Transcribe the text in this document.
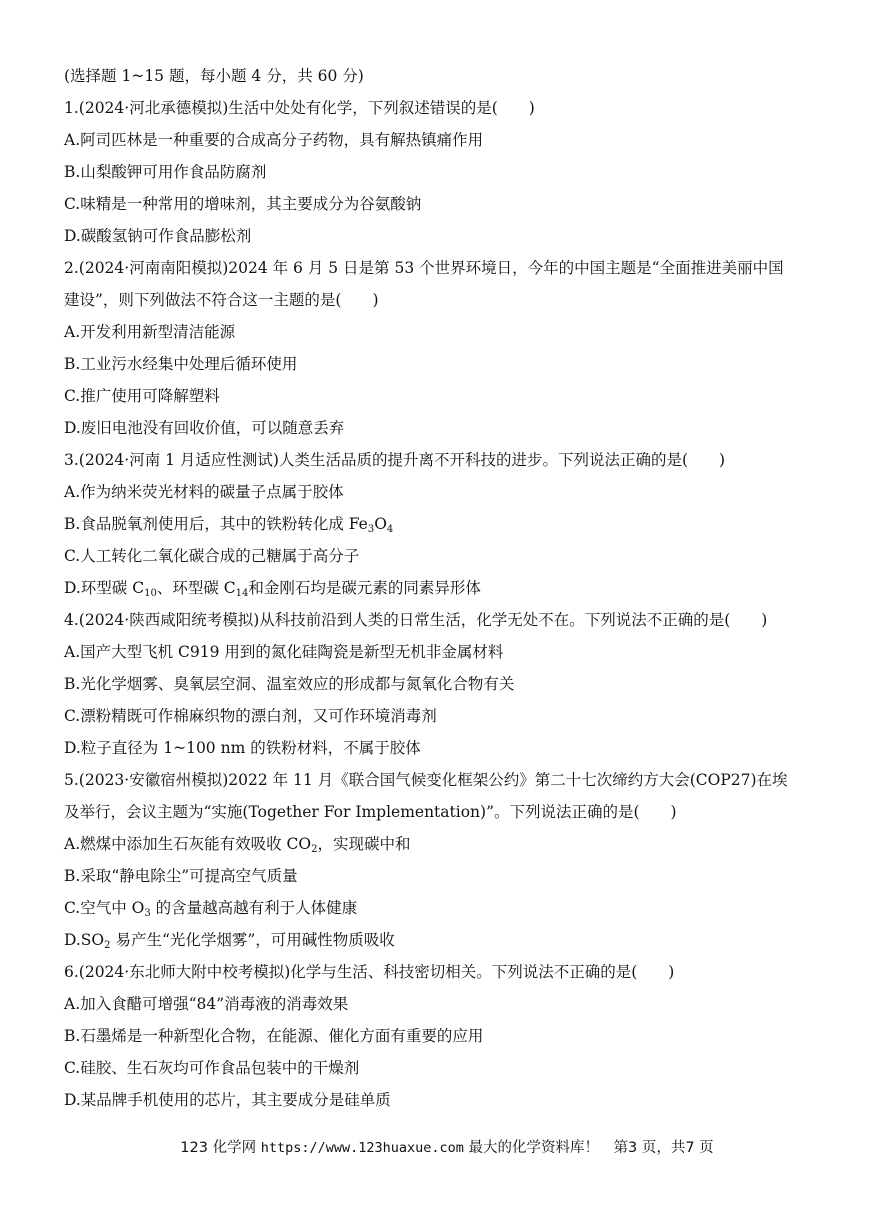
(选择题 1~15 题，每小题 4 分，共 60 分)
1.(2024·河北承德模拟)生活中处处有化学，下列叙述错误的是(　　)
A.阿司匹林是一种重要的合成高分子药物，具有解热镇痛作用
B.山梨酸钾可用作食品防腐剂
C.味精是一种常用的增味剂，其主要成分为谷氨酸钠
D.碳酸氢钠可作食品膨松剂
2.(2024·河南南阳模拟)2024 年 6 月 5 日是第 53 个世界环境日，今年的中国主题是“全面推进美丽中国
建设”，则下列做法不符合这一主题的是(　　)
A.开发利用新型清洁能源
B.工业污水经集中处理后循环使用
C.推广使用可降解塑料
D.废旧电池没有回收价值，可以随意丢弃
3.(2024·河南 1 月适应性测试)人类生活品质的提升离不开科技的进步。下列说法正确的是(　　)
A.作为纳米荧光材料的碳量子点属于胶体
B.食品脱氧剂使用后，其中的铁粉转化成 $Fe_3O_4$
C.人工转化二氧化碳合成的己糖属于高分子
D.环型碳 $C_{10}$、环型碳 $C_{14}$和金刚石均是碳元素的同素异形体
4.(2024·陕西咸阳统考模拟)从科技前沿到人类的日常生活，化学无处不在。下列说法不正确的是(　　)
A.国产大型飞机 C919 用到的氮化硅陶瓷是新型无机非金属材料
B.光化学烟雾、臭氧层空洞、温室效应的形成都与氮氧化合物有关
C.漂粉精既可作棉麻织物的漂白剂，又可作环境消毒剂
D.粒子直径为 1~100 nm 的铁粉材料，不属于胶体
5.(2023·安徽宿州模拟)2022 年 11 月《联合国气候变化框架公约》第二十七次缔约方大会(COP27)在埃
及举行，会议主题为“实施(Together For Implementation)”。下列说法正确的是(　　)
A.燃煤中添加生石灰能有效吸收 $CO_2$，实现碳中和
B.采取“静电除尘”可提高空气质量
C.空气中 $O_3$ 的含量越高越有利于人体健康
$D.SO_2$ 易产生“光化学烟雾”，可用碱性物质吸收
6.(2024·东北师大附中校考模拟)化学与生活、科技密切相关。下列说法不正确的是(　　)
A.加入食醋可增强“84”消毒液的消毒效果
B.石墨烯是一种新型化合物，在能源、催化方面有重要的应用
C.硅胶、生石灰均可作食品包装中的干燥剂
D.某品牌手机使用的芯片，其主要成分是硅单质
123 化学网 https://www.123huaxue.com 最大的化学资料库！　第3 页，共7 页
